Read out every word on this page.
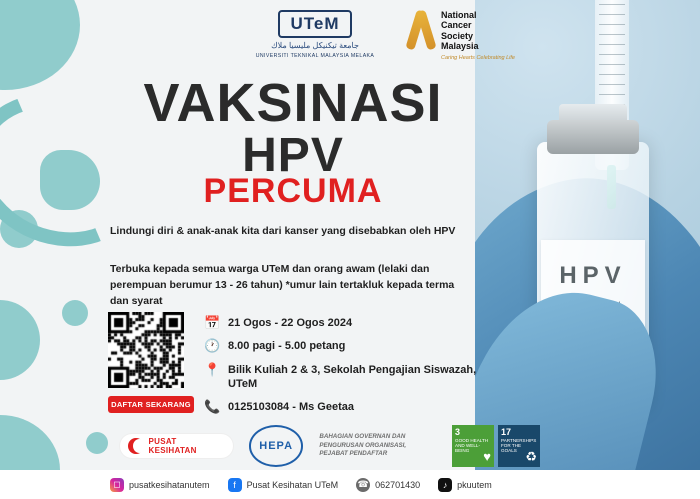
HPV
UTeM
جامعة تيكنيكل مليسيا ملاك
UNIVERSITI TEKNIKAL MALAYSIA MELAKA
National
Cancer
Society
Malaysia
Caring Hearts Celebrating Life
VAKSINASI
HPV
PERCUMA
Lindungi diri & anak-anak kita dari kanser yang disebabkan oleh HPV
Terbuka kepada semua warga UTeM dan orang awam (lelaki dan perempuan berumur 13 - 26 tahun) *umur lain tertakluk kepada terma dan syarat
DAFTAR SEKARANG
📅 21 Ogos - 22 Ogos 2024
🕐 8.00 pagi - 5.00 petang
📍 Bilik Kuliah 2 & 3, Sekolah Pengajian Siswazah, UTeM
📞 0125103084 - Ms Geetaa
PUSAT KESIHATAN	HEPA
BAHAGIAN GOVERNAN DAN PENGURUSAN ORGANISASI, PEJABAT PENDAFTAR
3
GOOD HEALTH AND WELL-BEING ♥
17
PARTNERSHIPS FOR THE GOALS ♻
◻ pusatkesihatanutem	f	Pusat Kesihatan UTeM ☎ 062701430	♪	pkuutem
